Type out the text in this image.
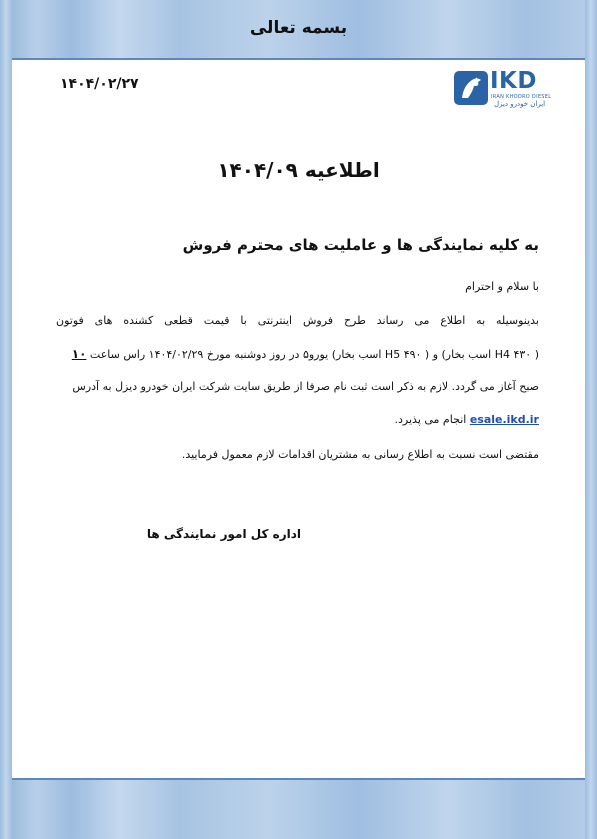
بسمه تعالی
۱۴۰۴/۰۲/۲۷	IKD
IRAN KHODRO DIESEL
ایران خودرو دیزل
اطلاعیه ۱۴۰۴/۰۹
به کلیه نمایندگی ها و عاملیت های محترم فروش
با سلام و احترام
بدینوسیله به اطلاع می رساند طرح فروش اینترنتی با قیمت قطعی کشنده های فوتون
( H4 ۴۳۰ اسب بخار) و ( H5 ۴۹۰ اسب بخار) یورو۵ در روز دوشنبه مورخ ۱۴۰۴/۰۲/۲۹ راس ساعت ۱۰
صبح آغاز می گردد. لازم به ذکر است ثبت نام صرفا از طریق سایت شرکت ایران خودرو دیزل به آدرس
esale.ikd.ir انجام می پذیرد.
مقتضی است نسبت به اطلاع رسانی به مشتریان اقدامات لازم معمول فرمایید.
اداره کل امور نمایندگی ها
